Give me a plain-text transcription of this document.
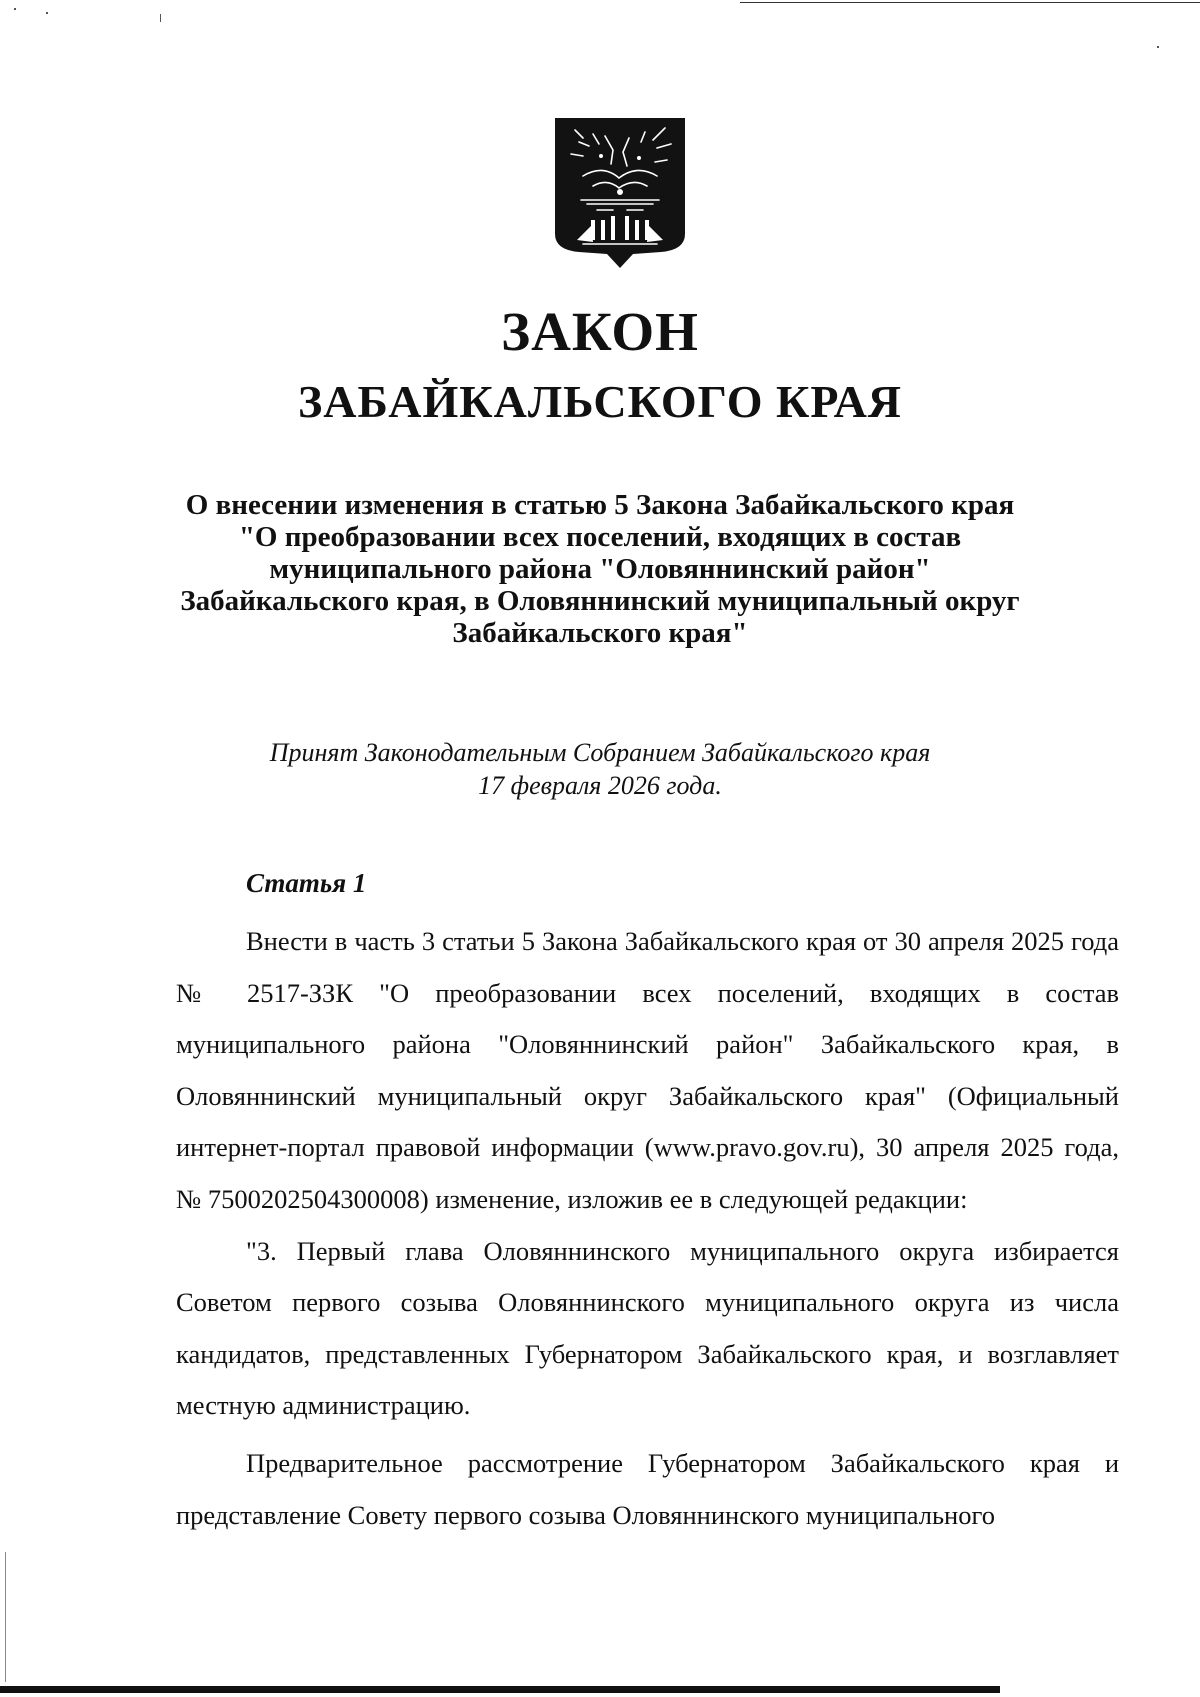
ЗАКОН
ЗАБАЙКАЛЬСКОГО КРАЯ
О внесении изменения в статью 5 Закона Забайкальского края
"О преобразовании всех поселений, входящих в состав
муниципального района "Оловяннинский район"
Забайкальского края, в Оловяннинский муниципальный округ
Забайкальского края"
Принят Законодательным Собранием Забайкальского края
17 февраля 2026 года.
Статья 1

Внести в часть 3 статьи 5 Закона Забайкальского края от 30 апреля 2025 года № 2517-ЗЗК "О преобразовании всех поселений, входящих в состав муниципального района "Оловяннинский район" Забайкальского края, в Оловяннинский муниципальный округ Забайкальского края" (Официальный интернет-портал правовой информации (www.pravo.gov.ru), 30 апреля 2025 года, № 7500202504300008) изменение, изложив ее в следующей редакции:

"3. Первый глава Оловяннинского муниципального округа избирается Советом первого созыва Оловяннинского муниципального округа из числа кандидатов, представленных Губернатором Забайкальского края, и возглавляет местную администрацию.

Предварительное рассмотрение Губернатором Забайкальского края и представление Совету первого созыва Оловяннинского муниципального
